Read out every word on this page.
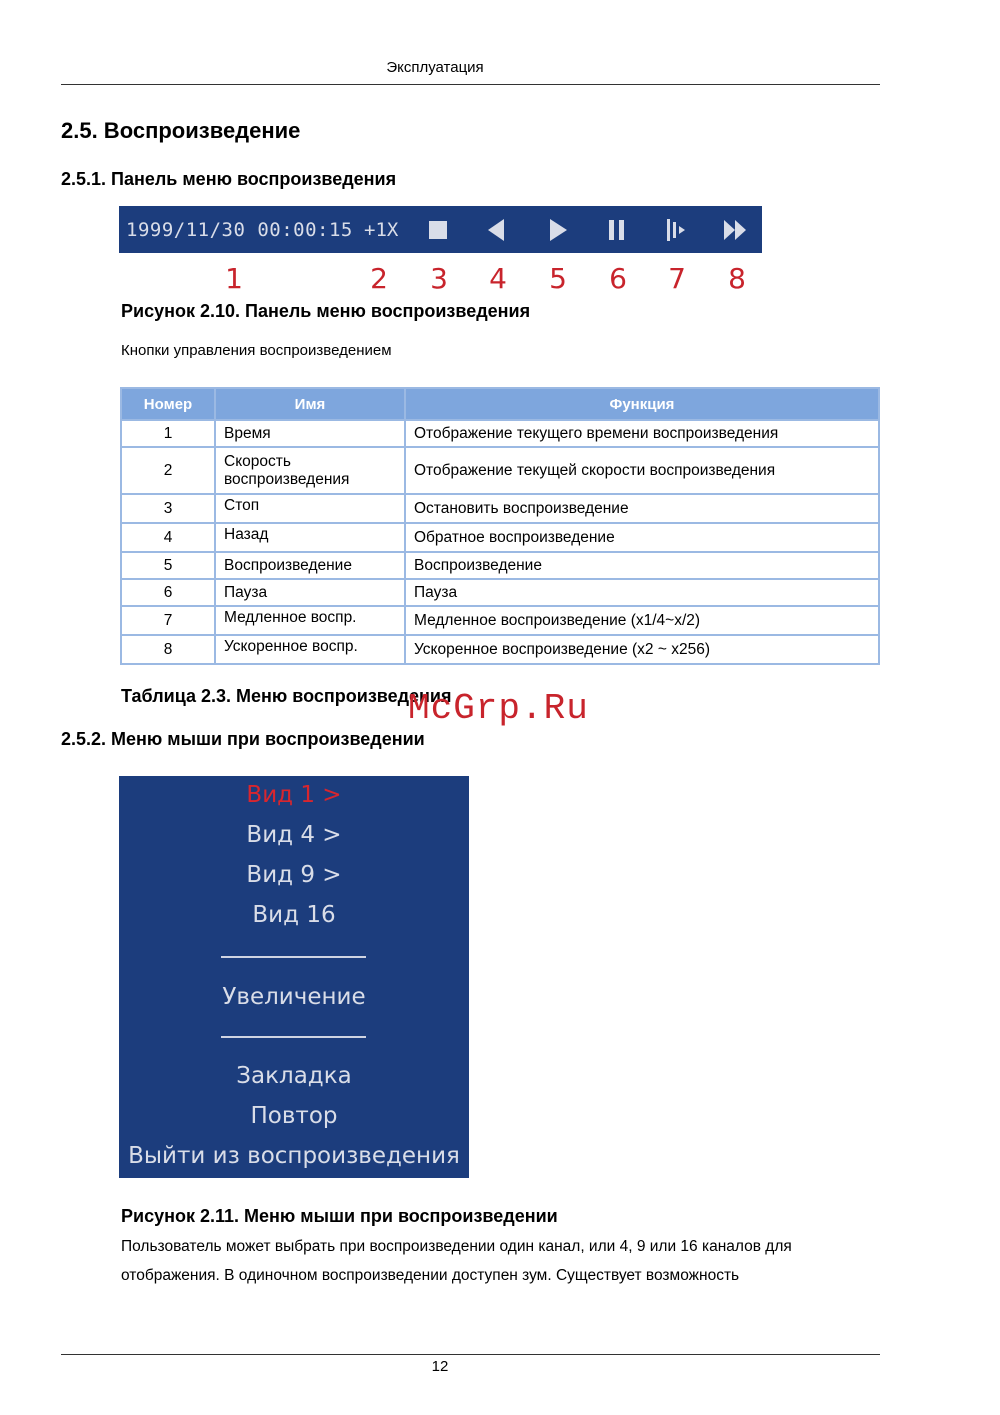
Эксплуатация
2.5. Воспроизведение
2.5.1. Панель меню воспроизведения
1999/11/30 00:00:15 +1X
1	2 3 4 5 6 7 8
Рисунок 2.10. Панель меню воспроизведения
Кнопки управления воспроизведением
Номер	Имя	Функция
1	Время	Отображение текущего времени воспроизведения
2	Скорость воспроизведения	Отображение текущей скорости воспроизведения
3	Стоп	Остановить воспроизведение
4	Назад	Обратное воспроизведение
5	Воспроизведение	Воспроизведение
6	Пауза	Пауза
7	Медленное воспр.	Медленное воспроизведение (x1/4~x/2)
8	Ускоренное воспр.	Ускоренное воспроизведение (x2 ~ x256)
Таблица 2.3. Меню воспроизведения
McGrp.Ru
2.5.2. Меню мыши при воспроизведении
Вид 1 >
Вид 4 >
Вид 9 >
Вид 16
Увеличение
Закладка
Повтор
Выйти из воспроизведения
Рисунок 2.11. Меню мыши при воспроизведении
Пользователь может выбрать при воспроизведении один канал, или 4, 9 или 16 каналов для
отображения. В одиночном воспроизведении доступен зум. Существует возможность
12
